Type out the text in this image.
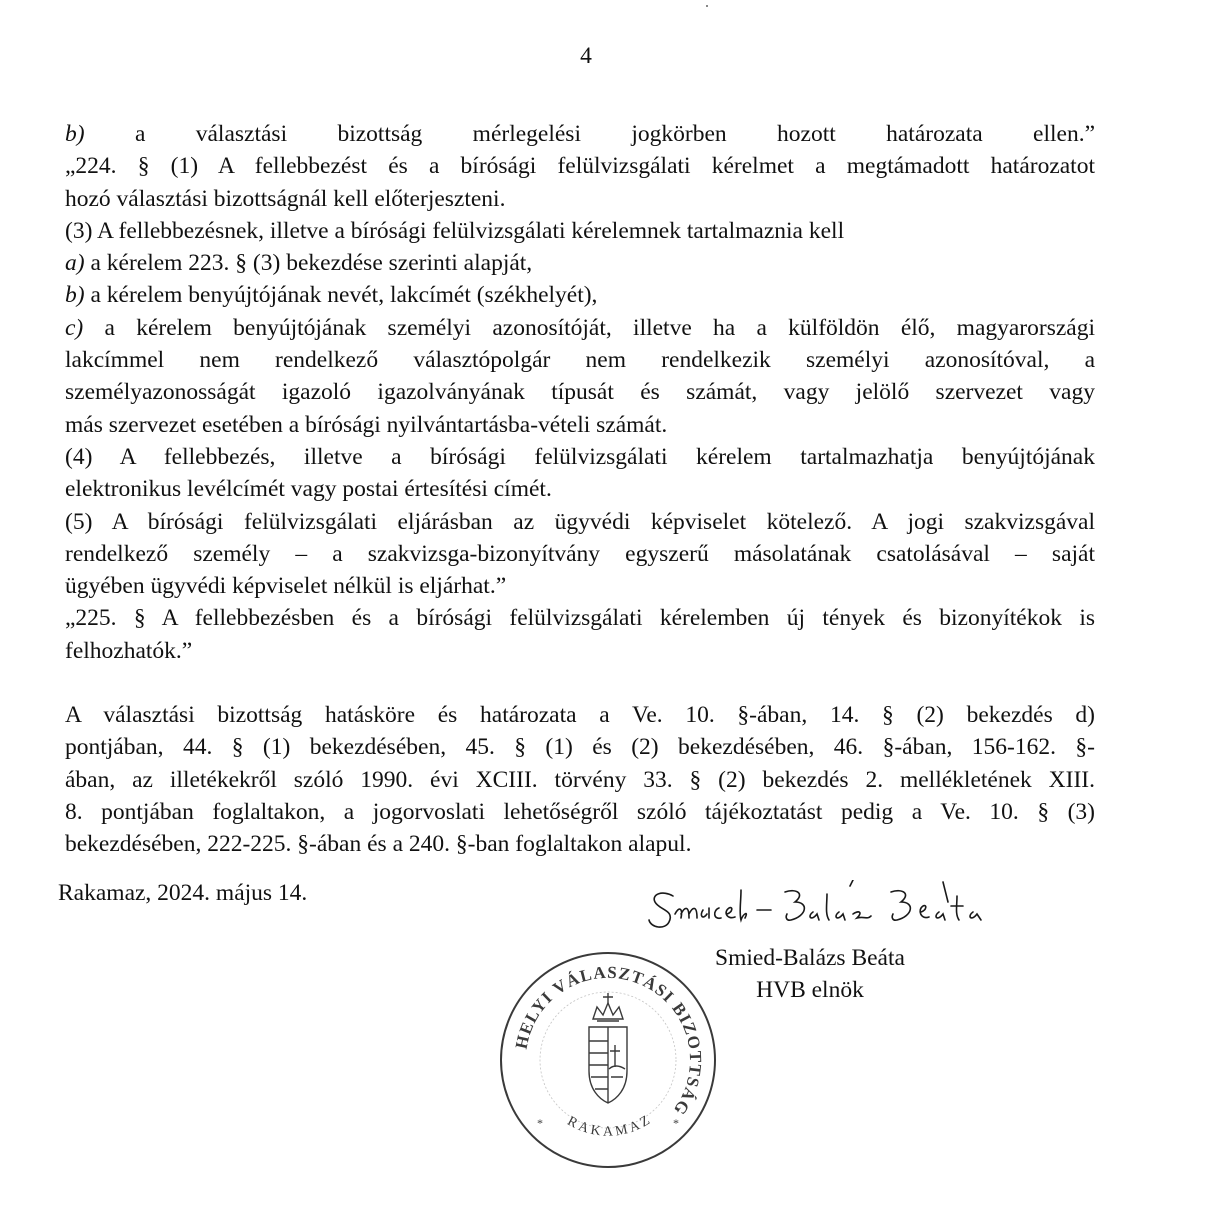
4
b) a választási bizottság mérlegelési jogkörben hozott határozata ellen.”
„224. § (1) A fellebbezést és a bírósági felülvizsgálati kérelmet a megtámadott határozatot
hozó választási bizottságnál kell előterjeszteni.
(3) A fellebbezésnek, illetve a bírósági felülvizsgálati kérelemnek tartalmaznia kell
a) a kérelem 223. § (3) bekezdése szerinti alapját,
b) a kérelem benyújtójának nevét, lakcímét (székhelyét),
c) a kérelem benyújtójának személyi azonosítóját, illetve ha a külföldön élő, magyarországi
lakcímmel nem rendelkező választópolgár nem rendelkezik személyi azonosítóval, a
személyazonosságát igazoló igazolványának típusát és számát, vagy jelölő szervezet vagy
más szervezet esetében a bírósági nyilvántartásba-vételi számát.
(4) A fellebbezés, illetve a bírósági felülvizsgálati kérelem tartalmazhatja benyújtójának
elektronikus levélcímét vagy postai értesítési címét.
(5) A bírósági felülvizsgálati eljárásban az ügyvédi képviselet kötelező. A jogi szakvizsgával
rendelkező személy – a szakvizsga-bizonyítvány egyszerű másolatának csatolásával – saját
ügyében ügyvédi képviselet nélkül is eljárhat.”
„225. § A fellebbezésben és a bírósági felülvizsgálati kérelemben új tények és bizonyítékok is
felhozhatók.”
A választási bizottság hatásköre és határozata a Ve. 10. §-ában, 14. § (2) bekezdés d)
pontjában, 44. § (1) bekezdésében, 45. § (1) és (2) bekezdésében, 46. §-ában, 156-162. §-
ában, az illetékekről szóló 1990. évi XCIII. törvény 33. § (2) bekezdés 2. mellékletének XIII.
8. pontjában foglaltakon, a jogorvoslati lehetőségről szóló tájékoztatást pedig a Ve. 10. § (3)
bekezdésében, 222-225. §-ában és a 240. §-ban foglaltakon alapul.
Rakamaz, 2024. május 14.
Smied-Balázs Beáta
HVB elnök
HELYI VÁLASZTÁSI BIZOTTSÁG
RAKAMAZ
*	*
